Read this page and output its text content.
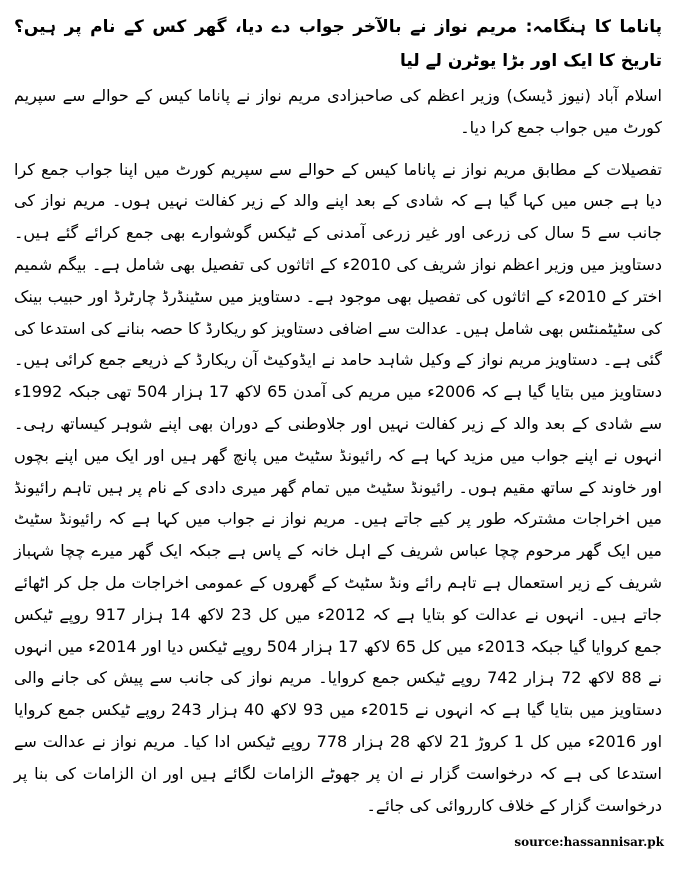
پاناما کا ہنگامہ: مریم نواز نے بالآخر جواب دے دیا، گھر کس کے نام پر ہیں؟ تاریخ کا ایک اور بڑا یوٹرن لے لیا

اسلام آباد (نیوز ڈیسک) وزیر اعظم کی صاحبزادی مریم نواز نے پاناما کیس کے حوالے سے سپریم کورٹ میں جواب جمع کرا دیا۔

تفصیلات کے مطابق مریم نواز نے پاناما کیس کے حوالے سے سپریم کورٹ میں اپنا جواب جمع کرا دیا ہے جس میں کہا گیا ہے کہ شادی کے بعد اپنے والد کے زیر کفالت نہیں ہوں۔ مریم نواز کی جانب سے 5 سال کی زرعی اور غیر زرعی آمدنی کے ٹیکس گوشوارے بھی جمع کرائے گئے ہیں۔ دستاویز میں وزیر اعظم نواز شریف کی 2010ء کے اثاثوں کی تفصیل بھی شامل ہے۔ بیگم شمیم اختر کے 2010ء کے اثاثوں کی تفصیل بھی موجود ہے۔ دستاویز میں سٹینڈرڈ چارٹرڈ اور حبیب بینک کی سٹیٹمنٹس بھی شامل ہیں۔ عدالت سے اضافی دستاویز کو ریکارڈ کا حصہ بنانے کی استدعا کی گئی ہے۔ دستاویز مریم نواز کے وکیل شاہد حامد نے ایڈوکیٹ آن ریکارڈ کے ذریعے جمع کرائی ہیں۔ دستاویز میں بتایا گیا ہے کہ 2006ء میں مریم کی آمدن 65 لاکھ 17 ہزار 504 تھی جبکہ 1992ء سے شادی کے بعد والد کے زیر کفالت نہیں اور جلاوطنی کے دوران بھی اپنے شوہر کیساتھ رہی۔ انہوں نے اپنے جواب میں مزید کہا ہے کہ رائیونڈ سٹیٹ میں پانچ گھر ہیں اور ایک میں اپنے بچوں اور خاوند کے ساتھ مقیم ہوں۔ رائیونڈ سٹیٹ میں تمام گھر میری دادی کے نام پر ہیں تاہم رائیونڈ میں اخراجات مشترکہ طور پر کیے جاتے ہیں۔ مریم نواز نے جواب میں کہا ہے کہ رائیونڈ سٹیٹ میں ایک گھر مرحوم چچا عباس شریف کے اہل خانہ کے پاس ہے جبکہ ایک گھر میرے چچا شہباز شریف کے زیر استعمال ہے تاہم رائے ونڈ سٹیٹ کے گھروں کے عمومی اخراجات مل جل کر اٹھائے جاتے ہیں۔ انہوں نے عدالت کو بتایا ہے کہ 2012ء میں کل 23 لاکھ 14 ہزار 917 روپے ٹیکس جمع کروایا گیا جبکہ 2013ء میں کل 65 لاکھ 17 ہزار 504 روپے ٹیکس دیا اور 2014ء میں انہوں نے 88 لاکھ 72 ہزار 742 روپے ٹیکس جمع کروایا۔ مریم نواز کی جانب سے پیش کی جانے والی دستاویز میں بتایا گیا ہے کہ انہوں نے 2015ء میں 93 لاکھ 40 ہزار 243 روپے ٹیکس جمع کروایا اور 2016ء میں کل 1 کروڑ 21 لاکھ 28 ہزار 778 روپے ٹیکس ادا کیا۔ مریم نواز نے عدالت سے استدعا کی ہے کہ درخواست گزار نے ان پر جھوٹے الزامات لگائے ہیں اور ان الزامات کی بنا پر درخواست گزار کے خلاف کارروائی کی جائے۔

source:hassannisar.pk
